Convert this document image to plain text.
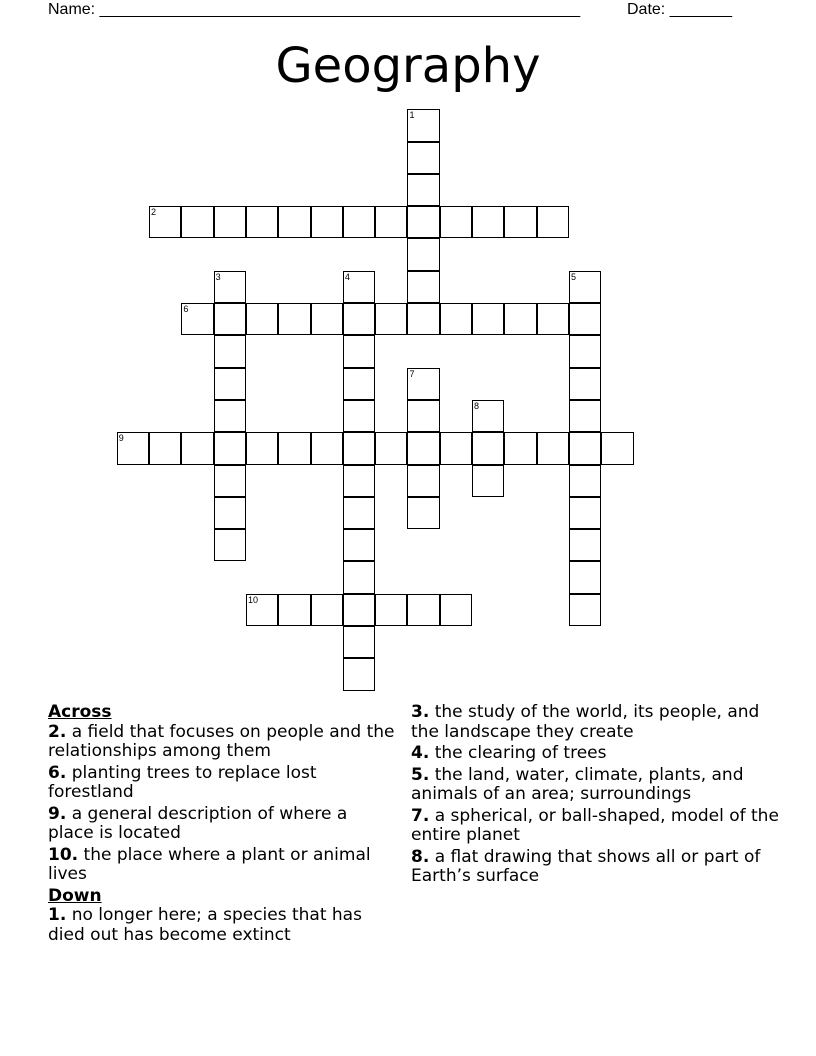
Name: ______________________________________________________	Date: _______
Geography
1
2
3	4	5
6
7
8
9
10
Across
2. a field that focuses on people and the relationships among them
6. planting trees to replace lost forestland
9. a general description of where a place is located
10. the place where a plant or animal lives
Down
1. no longer here; a species that has died out has become extinct
3. the study of the world, its people, and the landscape they create
4. the clearing of trees
5. the land, water, climate, plants, and animals of an area; surroundings
7. a spherical, or ball-shaped, model of the entire planet
8. a flat drawing that shows all or part of Earth’s surface
